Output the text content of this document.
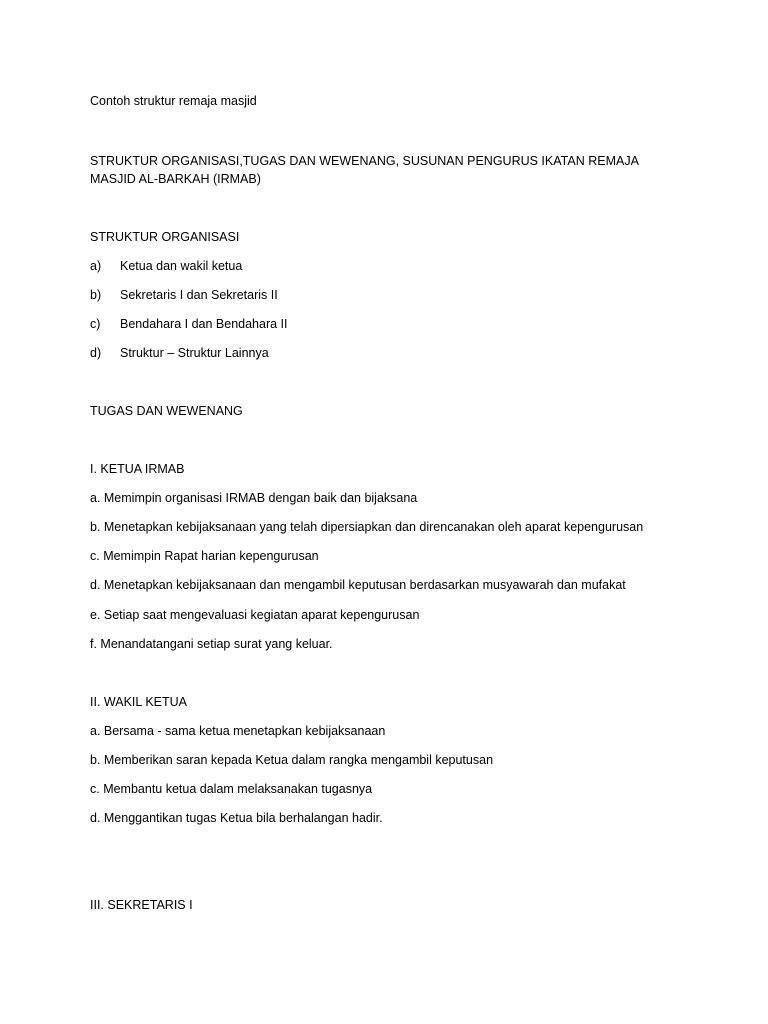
Contoh struktur remaja masjid
STRUKTUR ORGANISASI,TUGAS DAN WEWENANG, SUSUNAN PENGURUS IKATAN REMAJA MASJID AL-BARKAH (IRMAB)
STRUKTUR ORGANISASI
a) Ketua dan wakil ketua
b) Sekretaris I dan Sekretaris II
c) Bendahara I dan Bendahara II
d) Struktur – Struktur Lainnya
TUGAS DAN WEWENANG
I. KETUA IRMAB
a. Memimpin organisasi IRMAB dengan baik dan bijaksana
b. Menetapkan kebijaksanaan yang telah dipersiapkan dan direncanakan oleh aparat kepengurusan
c. Memimpin Rapat harian kepengurusan
d. Menetapkan kebijaksanaan dan mengambil keputusan berdasarkan musyawarah dan mufakat
e. Setiap saat mengevaluasi kegiatan aparat kepengurusan
f. Menandatangani setiap surat yang keluar.
II. WAKIL KETUA
a. Bersama - sama ketua menetapkan kebijaksanaan
b. Memberikan saran kepada Ketua dalam rangka mengambil keputusan
c. Membantu ketua dalam melaksanakan tugasnya
d. Menggantikan tugas Ketua bila berhalangan hadir.
III. SEKRETARIS I
